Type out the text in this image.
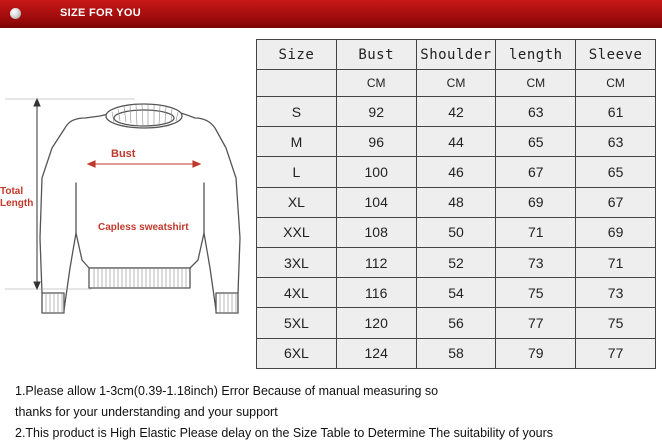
SIZE FOR YOU
Bust
Total
Length
Capless sweatshirt
Size	Bust	Shoulder	length	Sleeve
	CM	CM	CM	CM
S	92	42	63	61
M	96	44	65	63
L	100	46	67	65
XL	104	48	69	67
XXL	108	50	71	69
3XL	112	52	73	71
4XL	116	54	75	73
5XL	120	56	77	75
6XL	124	58	79	77
1.Please allow 1-3cm(0.39-1.18inch) Error Because of manual measuring so
thanks for your understanding and your support
2.This product is High Elastic Please delay on the Size Table to Determine The suitability of yours
